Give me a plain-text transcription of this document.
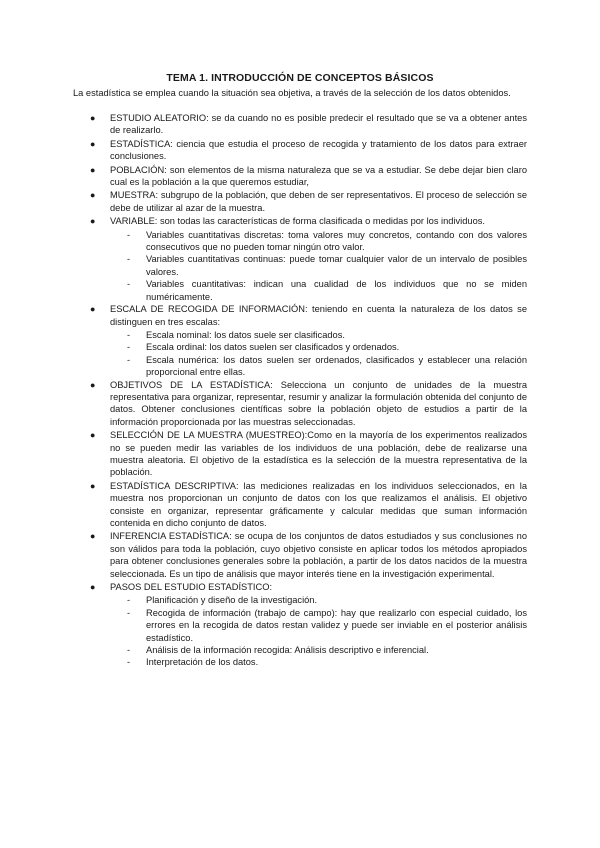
TEMA 1. INTRODUCCIÓN DE CONCEPTOS BÁSICOS
La estadística se emplea cuando la situación sea objetiva, a través de la selección de los datos obtenidos.
● ESTUDIO ALEATORIO: se da cuando no es posible predecir el resultado que se va a obtener antes de realizarlo.
● ESTADÍSTICA: ciencia que estudia el proceso de recogida y tratamiento de los datos para extraer conclusiones.
● POBLACIÓN: son elementos de la misma naturaleza que se va a estudiar. Se debe dejar bien claro cual es la población a la que queremos estudiar,
● MUESTRA: subgrupo de la población, que deben de ser representativos. El proceso de selección se debe de utilizar al azar de la muestra.
● VARIABLE: son todas las características de forma clasificada o medidas por los individuos.
- Variables cuantitativas discretas: toma valores muy concretos, contando con dos valores consecutivos que no pueden tomar ningún otro valor.
- Variables cuantitativas continuas: puede tomar cualquier valor de un intervalo de posibles valores.
- Variables cuantitativas: indican una cualidad de los individuos que no se miden numéricamente.
● ESCALA DE RECOGIDA DE INFORMACIÓN: teniendo en cuenta la naturaleza de los datos se distinguen en tres escalas:
- Escala nominal: los datos suele ser clasificados.
- Escala ordinal: los datos suelen ser clasificados y ordenados.
- Escala numérica: los datos suelen ser ordenados, clasificados y establecer una relación proporcional entre ellas.
● OBJETIVOS DE LA ESTADÍSTICA: Selecciona un conjunto de unidades de la muestra representativa para organizar, representar, resumir y analizar la formulación obtenida del conjunto de datos. Obtener conclusiones científicas sobre la población objeto de estudios a partir de la información proporcionada por las muestras seleccionadas.
● SELECCIÓN DE LA MUESTRA (MUESTREO):Como en la mayoría de los experimentos realizados no se pueden medir las variables de los individuos de una población, debe de realizarse una muestra aleatoria. El objetivo de la estadística es la selección de la muestra representativa de la población.
● ESTADÍSTICA DESCRIPTIVA: las mediciones realizadas en los individuos seleccionados, en la muestra nos proporcionan un conjunto de datos con los que realizamos el análisis. El objetivo consiste en organizar, representar gráficamente y calcular medidas que suman información contenida en dicho conjunto de datos.
● INFERENCIA ESTADÍSTICA: se ocupa de los conjuntos de datos estudiados y sus conclusiones no son válidos para toda la población, cuyo objetivo consiste en aplicar todos los métodos apropiados para obtener conclusiones generales sobre la población, a partir de los datos nacidos de la muestra seleccionada. Es un tipo de análisis que mayor interés tiene en la investigación experimental.
● PASOS DEL ESTUDIO ESTADÍSTICO:
- Planificación y diseño de la investigación.
- Recogida de información (trabajo de campo): hay que realizarlo con especial cuidado, los errores en la recogida de datos restan validez y puede ser inviable en el posterior análisis estadístico.
- Análisis de la información recogida: Análisis descriptivo e inferencial.
- Interpretación de los datos.
